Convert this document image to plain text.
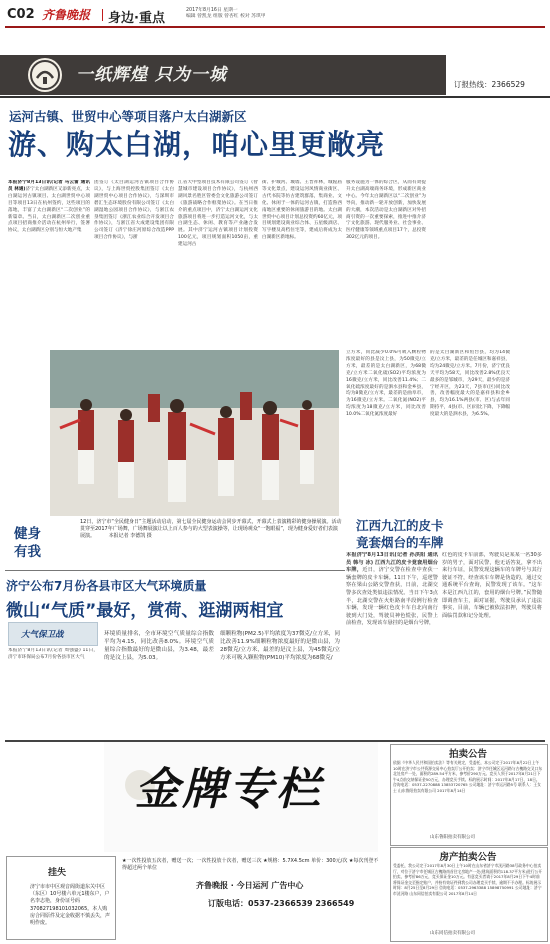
C02 齐鲁晚报 身边·重点
2017年8月16日 星期一
编辑 曾凯龙 组版 曾杏红 校对 苏琪甲
一纸辉煌 只为一城	订报热线：2366529
运河古镇、世贸中心等项目落户太白湖新区
游、购太白湖，咱心里更敞亮
本报济宁8月13日讯(记者 马云雷 通讯员 林通)济宁太白湖新区又添新亮点，太白湖运河古镇项目、太白湖世贸中心项目等项目13日在杭州签约，这些项目的落地，丰富了太白湖新区“二次创业”的新篇章。当日，太白湖新区二次创业重点项目招商推介活动在杭州举行，签署协议，太白湖新区分别与恒大地产集
团签订《太白湖运河古镇项目合作协议》，与上海世贸控股集团签订《太白湖世贸中心项目合作协议》，与深圳市碧汇生态环境股份有限公司签订《太白湖湿地公园项目合作协议》，与浙江农垦集团签订《浙江农业综合开发项目合作协议》，与浙江省大成建设集团有限公司签订《济宁徐庄河原综合改造PPP项目合作协议》，与浙
江省大中型项目技术有限公司签订《智慧城市建设项目合作协议》，与杭州西湖风景名胜区管委会文化旅游公司签订《旅游战略合作框架协议》。在当日推介的重点项目中，济宁太白湖运河文化旅游项目将进一步打造运河文化，与太白湖生态、休闲、教育等产业融合发展。其中济宁运河古镇项目计划投资100亿元，项目规划面积1050亩，重建运河古
街、护城河、城墙、王晋祥林，城隍庙等文化景点，建设运河风情商业街区、古代书院等仿古建筑群落，集商业、文化、休闲于一体的运河古镇，打造鲁西南地区重要的休闲旅游目的地。太白湖世贸中心项目计划总投资约60亿元，项目规划建设商业综合体、五星级酒店、写字楼及高档住宅等，建成后将成为太白湖新区新地标。
服务设施为一体的综合区，从而有效提升太白湖高端商务环境，形成新区商业中心。今年太白湖新区以“二次创业”为导向，推动新一轮开放创新，加快发展的大潮，本次活动是太白湖新区对外招商引资的一次重要探索，推进中推介济宁文化旅游、现代服务业、社会事业、医疗健康等领域重点项目17个，总投资302亿元的项目。
立方米，同比减少0.0%可吸入颗粒物浓度最好的县是汶上县，为50微克/立方米，最差的是太白湖新区，为68微克/立方米二氧化硫(SO2)平均浓度为16微克/立方米，同比改善11.4%；二氧化硫浓度最好的是泗水县和金乡县，均为8微克/立方米，最差的是曲阜市，为16微克/立方米。二氧化氮(NO2)平均浓度为18微克/立方米，同比改善10.0%二氧化氮浓度最好
的是太白湖新区和鱼台县，均为14微克/立方米，最差的是任城区和嘉祥县，均为24微克/立方米。7月份，济宁优良天平均为58天，同比改善2.8%优良天最多的是邹城市，为29天，最少的是济宁经开区，为23天，7县市(区)同比改善，改善幅度最大的是嘉祥县和金乡县，均为16.1%两县(市、区)与去年同期持平，4县(市、区)同比下降，下降幅度最大的是泗水县，为6.5%。
健身有我
12日，济宁市“全民健身日”主题活动启动，第七届全民健身运动会同步开幕式，开幕式上表演精彩的健身操展演。活动贯穿至2017年广场舞，广场舞展演让以上百人参与的大型表演操等，让现场观众“一饱眼福”，现为健身爱好者们表演展演。	本报记者 李德凯 摄
济宁公布7月份各县市区大气环境质量
微山“气质”最好，赏荷、逛湖两相宜
大气保卫战
本报济宁8月13日讯(记者 周强盛) 11日，济宁市环保局公布7月份各县市区大气
环境质量排名，全市环境空气质量综合指数平均为4.15，同比改善8.0%。环境空气质量综合指数最好的是微山县，为3.48，最差的是汶上县，为5.03。
细颗粒物(PM2.5)平均浓度为37微克/立方米，同比改善11.9%细颗粒物浓度最好的是微山县，为28微克/立方米，最差的是汶上县，为45微克/立方米可吸入颗粒物(PM10)平均浓度为68微克/
江西九江的皮卡
竟套烟台的车牌
本报济宁8月13日讯(记者 孙洪阳 通讯员 韩与 冰) 江西九江的皮卡竟套用烟台车牌，近日，济宁交警在检查中查获一辆套牌的皮卡车辆。11日下午，巡逻警察在梁山公路交警查获，日前，北湖交警多次查处类似违法情况。当日下午3点半，北湖交警在火炬路南半段例行检查车辆，发现一辆红色皮卡车自北向南行驶到大门处，驾驶员神色慌张，民警上前检查，发现该车悬挂的是烟台号牌，
红色的皮卡车前部，驾驶员是某某一名30多岁的男子，面对民警，他无话答复，拿不出来行车证，民警发现这辆车的车牌号与其行驶证不符，经查该车车牌是伪造的，通过交通系统平台查询，民警发现了该车。“这车本是江西九江的，套用的烟台号牌。”民警随即调查车主，面对证据，驾驶员承认了违法事实，目前，车辆已被依法扣押，驾驶员将面临罚款和记分处理。
金牌专栏
★一次性投放五次者，赠送一次；一次性投放十次者，赠送三次 ★规格：5.7X4.5cm 单价：300元/次 ★每次刊登不得超过两个单位
齐鲁晚报 · 今日运河 广告中心
订版电话：0537-2366539 2366549
挂失
济宁市市中区观音阁街道东关中区（东区）10号楼六单元1楼东户，户名李志艳，身份证号码370827198101032065。本人购房合同原件及定金收据不慎丢失，声明作废。
拍卖公告
依据《中华人民共和国拍卖法》等有关规定，受委托，本公司定于2017年8月22日上午10时在济宁市公共资源交易中心拍卖厅公开拍卖：济宁市任城区运河路与古槐路交叉口东北处房产一处，面积约289.54平方米，参考价290万元。竞买人须于2017年8月21日下午4点前交纳保证金50万元，办理竞买手续。标的展示时间：2017年8月17日、18日。咨询电话：0537-2270888 13853720765 公司地址：济宁市运河路5号 联系人：王女士 山东鲁阳拍卖有限公司 2017年8月14日
山东鲁阳拍卖有限公司
房产拍卖公告
受委托，我公司定于2017年8月30日上午10时在山东省济宁市洸河路38号政务中心拍卖厅，对位于济宁市任城区古槐路南首住宅房地产一处(建筑面积约118.37平方米)进行公开拍卖，参考价86万元，竞买保证金10万元。有意竞买者请于2017年8月29日下午4时前将保证金交至指定账户，并持有效证件到我公司办理竞买手续，逾期不予办理。标的展示时间：8月25日至8月29日 咨询电话：0537-2963388 15898750991 公司地址：济宁市洸河路 山东同信拍卖有限公司 2017年8月14日
山东同信拍卖有限公司
